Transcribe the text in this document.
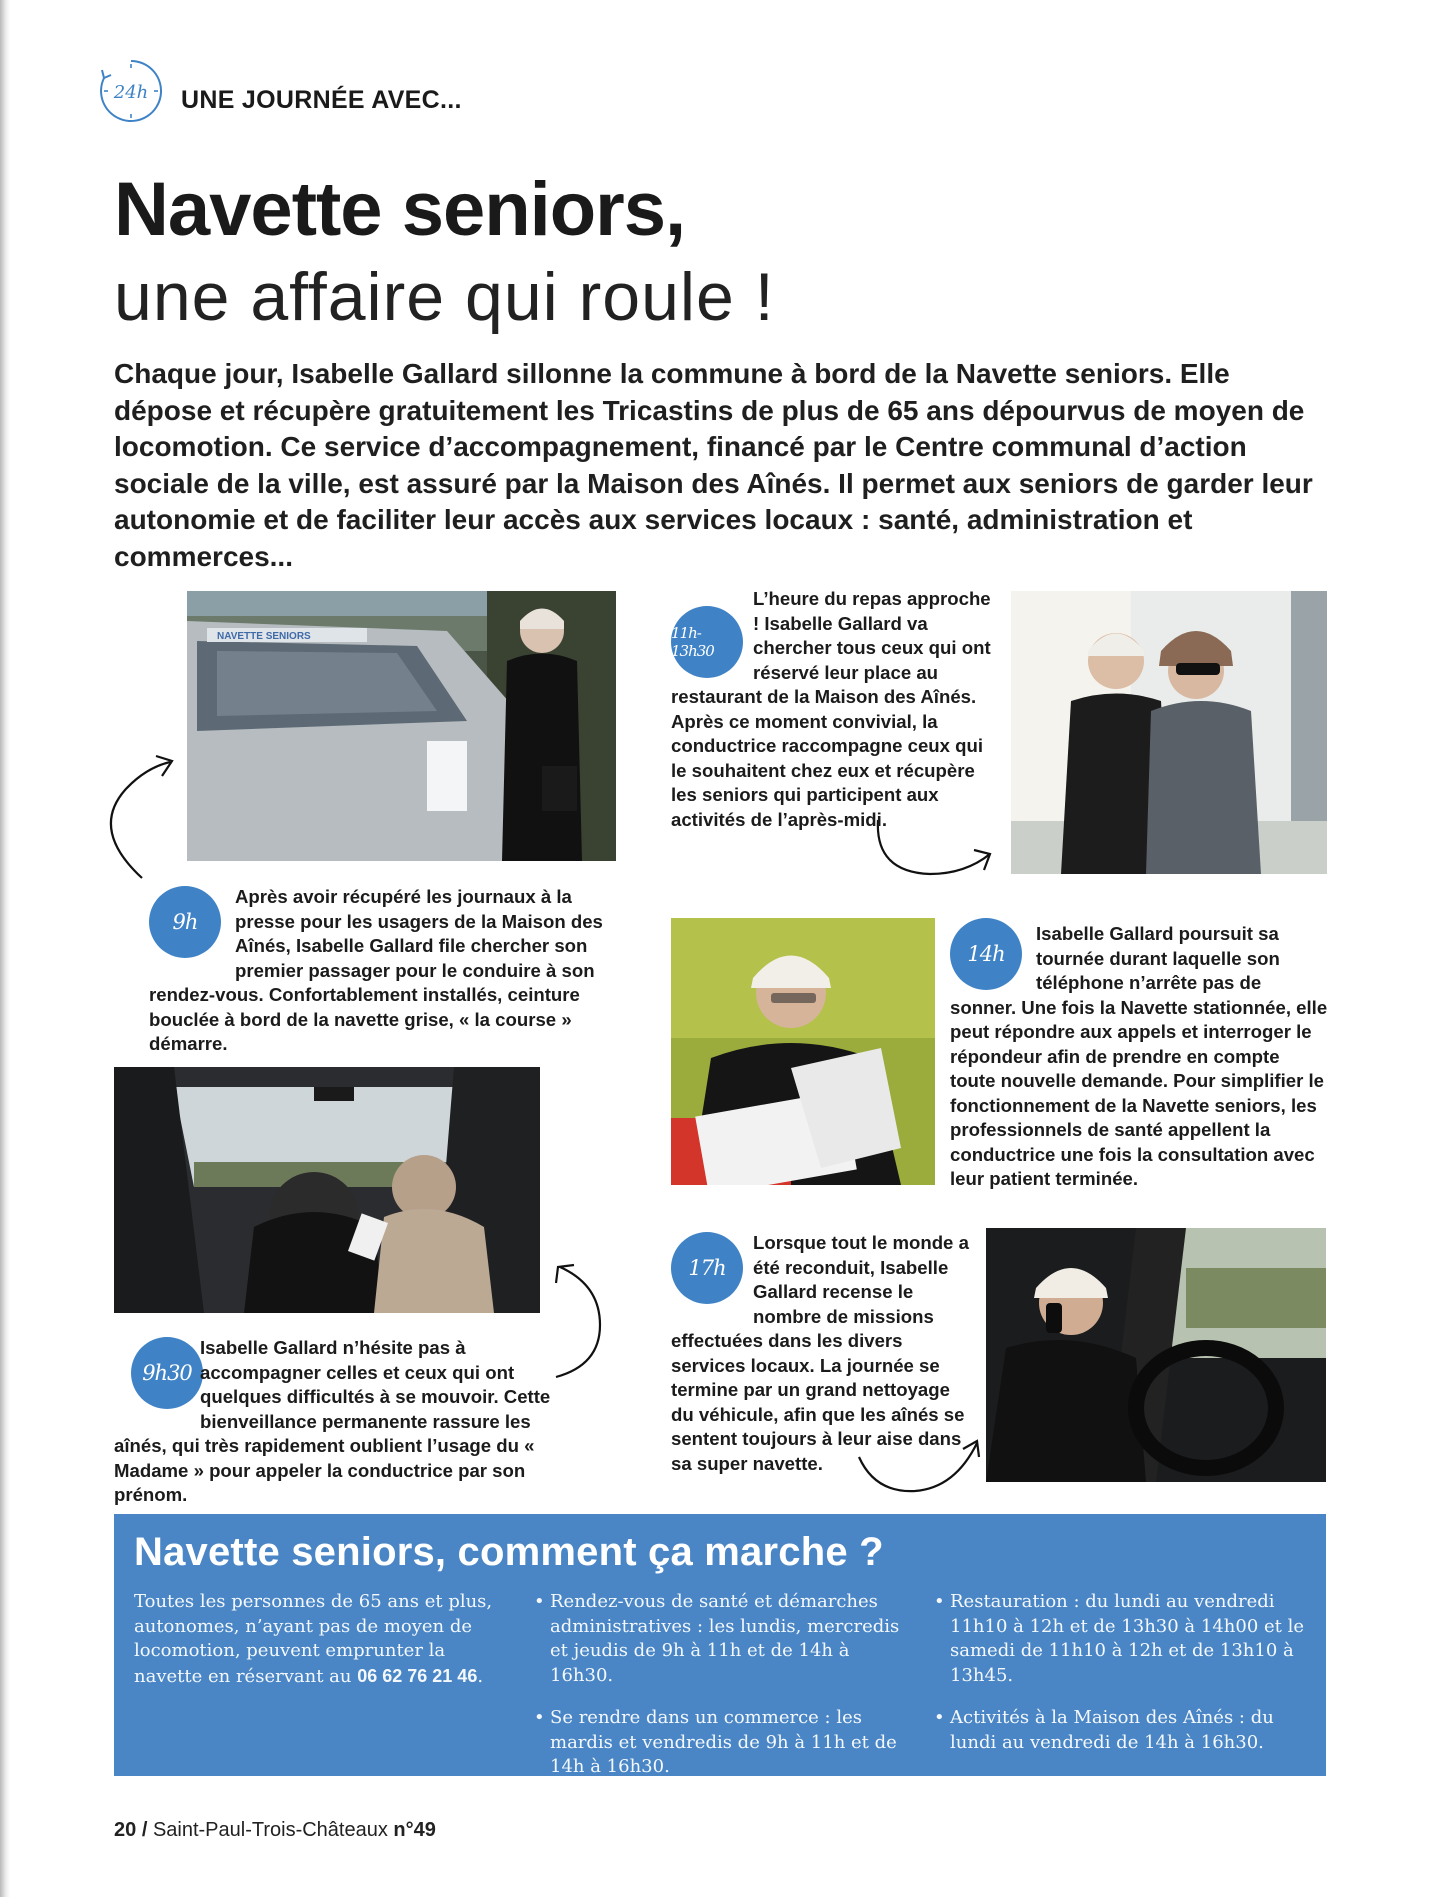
24h UNE JOURNÉE AVEC...
Navette seniors,
une affaire qui roule !

Chaque jour, Isabelle Gallard sillonne la commune à bord de la Navette seniors. Elle dépose et récupère gratuitement les Tricastins de plus de 65 ans dépourvus de moyen de locomotion. Ce service d’accompagnement, financé par le Centre communal d’action sociale de la ville, est assuré par la Maison des Aînés. Il permet aux seniors de garder leur autonomie et de faciliter leur accès aux services locaux : santé, administration et commerces...

NAVETTE SENIORS
9h
Après avoir récupéré les journaux à la presse pour les usagers de la Maison des Aînés, Isabelle Gallard file chercher son premier passager pour le conduire à son rendez-vous. Confortablement installés, ceinture bouclée à bord de la navette grise, « la course » démarre.
9h30
Isabelle Gallard n’hésite pas à accompagner celles et ceux qui ont quelques difficultés à se mouvoir. Cette bienveillance permanente rassure les aînés, qui très rapidement oublient l’usage du « Madame » pour appeler la conductrice par son prénom.
11h-13h30
L’heure du repas approche ! Isabelle Gallard va chercher tous ceux qui ont réservé leur place au restaurant de la Maison des Aînés. Après ce moment convivial, la conductrice raccompagne ceux qui le souhaitent chez eux et récupère les seniors qui participent aux activités de l’après-midi.
14h
Isabelle Gallard poursuit sa tournée durant laquelle son téléphone n’arrête pas de sonner. Une fois la Navette stationnée, elle peut répondre aux appels et interroger le répondeur afin de prendre en compte toute nouvelle demande. Pour simplifier le fonctionnement de la Navette seniors, les professionnels de santé appellent la conductrice une fois la consultation avec leur patient terminée.
17h
Lorsque tout le monde a été reconduit, Isabelle Gallard recense le nombre de missions effectuées dans les divers services locaux. La journée se termine par un grand nettoyage du véhicule, afin que les aînés se sentent toujours à leur aise dans sa super navette.
Navette seniors, comment ça marche ?

Toutes les personnes de 65 ans et plus, autonomes, n’ayant pas de moyen de locomotion, peuvent emprunter la navette en réservant au 06 62 76 21 46.

• Rendez-vous de santé et démarches administratives : les lundis, mercredis et jeudis de 9h à 11h et de 14h à 16h30.
• Se rendre dans un commerce : les mardis et vendredis de 9h à 11h et de 14h à 16h30.
• Restauration : du lundi au vendredi 11h10 à 12h et de 13h30 à 14h00 et le samedi de 11h10 à 12h et de 13h10 à 13h45.
• Activités à la Maison des Aînés : du lundi au vendredi de 14h à 16h30.

20 / Saint-Paul-Trois-Châteaux n°49
